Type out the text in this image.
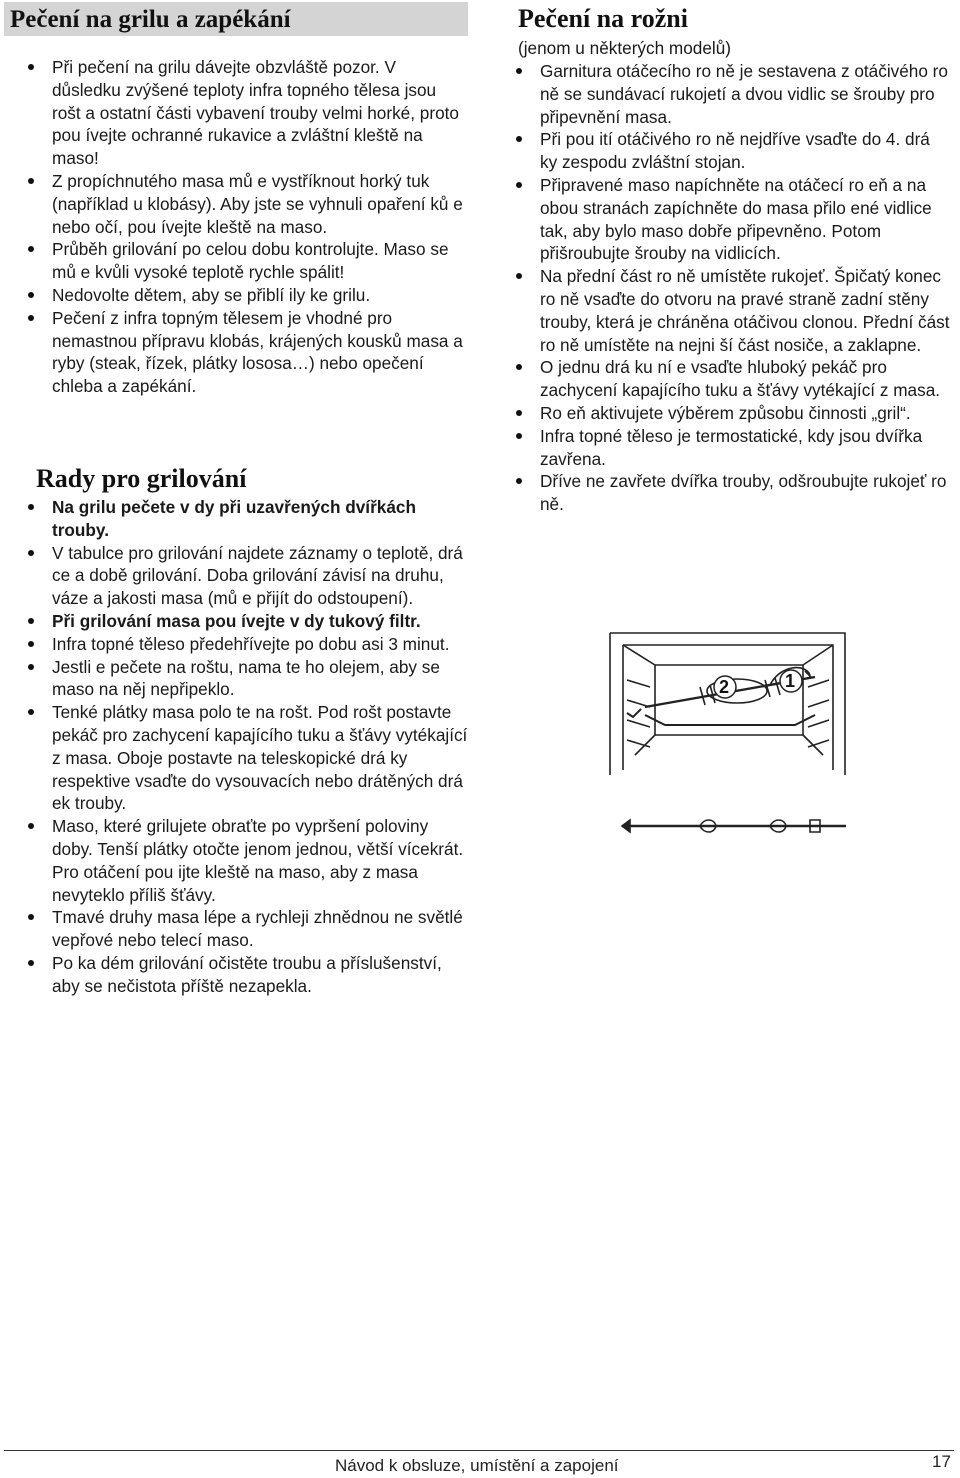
Pečení na grilu a zapékání
Při pečení na grilu dávejte obzvláště pozor. V důsledku zvýšené teploty infra topného tělesa jsou rošt a ostatní části vybavení trouby velmi horké, proto pou ívejte ochranné rukavice a zvláštní kleště na maso!
Z propíchnutého masa mů e vystříknout horký tuk (například u klobásy). Aby jste se vyhnuli opaření ků e nebo očí, pou ívejte kleště na maso.
Průběh grilování po celou dobu kontrolujte. Maso se mů e kvůli vysoké teplotě rychle spálit!
Nedovolte dětem, aby se přiblí ily ke grilu.
Pečení z infra topným tělesem je vhodné pro nemastnou přípravu klobás, krájených kousků masa a ryby (steak, řízek, plátky lososa…) nebo opečení chleba a zapékání.
Rady pro grilování
Na grilu pečete v dy při uzavřených dvířkách trouby.
V tabulce pro grilování najdete záznamy o teplotě, drá ce a době grilování. Doba grilování závisí na druhu, váze a jakosti masa (mů e přijít do odstoupení).
Při grilování masa pou ívejte v dy tukový filtr.
Infra topné těleso předehřívejte po dobu asi 3 minut.
Jestli e pečete na roštu, nama te ho olejem, aby se maso na něj nepřipeklo.
Tenké plátky masa polo te na rošt. Pod rošt postavte pekáč pro zachycení kapajícího tuku a šťávy vytékající z masa. Oboje postavte na teleskopické drá ky respektive vsaďte do vysouvacích nebo drátěných drá ek trouby.
Maso, které grilujete obraťte po vypršení poloviny doby. Tenší plátky otočte jenom jednou, větší vícekrát. Pro otáčení pou ijte kleště na maso, aby z masa nevyteklo příliš šťávy.
Tmavé druhy masa lépe a rychleji zhnědnou ne světlé vepřové nebo telecí maso.
Po ka dém grilování očistěte troubu a příslušenství, aby se nečistota příště nezapekla.
Pečení na rožni

(jenom u některých modelů)

Garnitura otáčecího ro ně je sestavena z otáčivého ro ně se sundávací rukojetí a dvou vidlic se šrouby pro připevnění masa.
Při pou ití otáčivého ro ně nejdříve vsaďte do 4. drá ky zespodu zvláštní stojan.
Připravené maso napíchněte na otáčecí ro eň a na obou stranách zapíchněte do masa přilo ené vidlice tak, aby bylo maso dobře připevněno. Potom přišroubujte šrouby na vidlicích.
Na přední část ro ně umístěte rukojeť. Špičatý konec ro ně vsaďte do otvoru na pravé straně zadní stěny trouby, která je chráněna otáčivou clonou. Přední část ro ně umístěte na nejni ší část nosiče, a zaklapne.
O jednu drá ku ní e vsaďte hluboký pekáč pro zachycení kapajícího tuku a šťávy vytékající z masa.
Ro eň aktivujete výběrem způsobu činnosti „gril“.
Infra topné těleso je termostatické, kdy jsou dvířka zavřena.
Dříve ne zavřete dvířka trouby, odšroubujte rukojeť ro ně.
2	1
Návod k obsluze, umístění a zapojení	17
